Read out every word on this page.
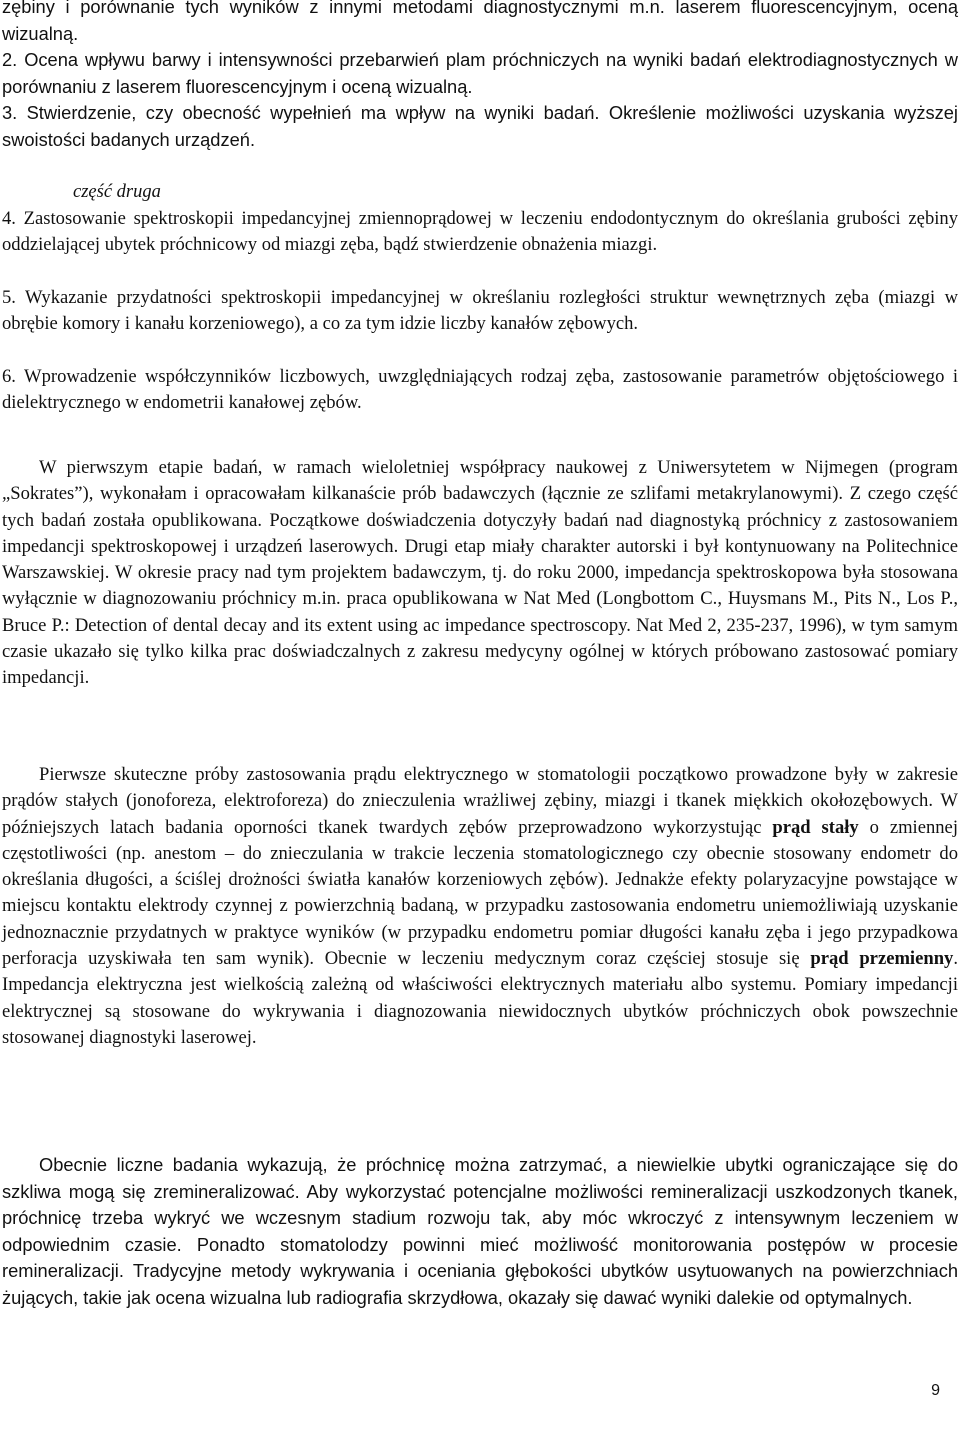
zębiny i porównanie tych wyników z innymi metodami diagnostycznymi m.n. laserem fluorescencyjnym, oceną wizualną.

2. Ocena wpływu barwy i intensywności przebarwień plam próchniczych na wyniki badań elektrodiagnostycznych w porównaniu z laserem fluorescencyjnym i oceną wizualną.

3. Stwierdzenie, czy obecność wypełnień ma wpływ na wyniki badań. Określenie możliwości uzyskania wyższej swoistości badanych urządzeń.

część druga

4. Zastosowanie spektroskopii impedancyjnej zmiennoprądowej w leczeniu endodontycznym do określania grubości zębiny oddzielającej ubytek próchnicowy od miazgi zęba, bądź stwierdzenie obnażenia miazgi.

5. Wykazanie przydatności spektroskopii impedancyjnej w określaniu rozległości struktur wewnętrznych zęba (miazgi w obrębie komory i kanału korzeniowego), a co za tym idzie liczby kanałów zębowych.

6. Wprowadzenie współczynników liczbowych, uwzględniających rodzaj zęba, zastosowanie parametrów objętościowego i dielektrycznego w endometrii kanałowej zębów.

W pierwszym etapie badań, w ramach wieloletniej współpracy naukowej z Uniwersytetem w Nijmegen (program „Sokrates”), wykonałam i opracowałam kilkanaście prób badawczych (łącznie ze szlifami metakrylanowymi). Z czego część tych badań została opublikowana. Początkowe doświadczenia dotyczyły badań nad diagnostyką próchnicy z zastosowaniem impedancji spektroskopowej i urządzeń laserowych. Drugi etap miały charakter autorski i był kontynuowany na Politechnice Warszawskiej. W okresie pracy nad tym projektem badawczym, tj. do roku 2000, impedancja spektroskopowa była stosowana wyłącznie w diagnozowaniu próchnicy m.in. praca opublikowana w Nat Med (Longbottom C., Huysmans M., Pits N., Los P., Bruce P.: Detection of dental decay and its extent using ac impedance spectroscopy. Nat Med 2, 235-237, 1996), w tym samym czasie ukazało się tylko kilka prac doświadczalnych z zakresu medycyny ogólnej w których próbowano zastosować pomiary impedancji.

Pierwsze skuteczne próby zastosowania prądu elektrycznego w stomatologii początkowo prowadzone były w zakresie prądów stałych (jonoforeza, elektroforeza) do znieczulenia wrażliwej zębiny, miazgi i tkanek miękkich okołozębowych. W późniejszych latach badania oporności tkanek twardych zębów przeprowadzono wykorzystując prąd stały o zmiennej częstotliwości (np. anestom – do znieczulania w trakcie leczenia stomatologicznego czy obecnie stosowany endometr do określania długości, a ściślej drożności światła kanałów korzeniowych zębów). Jednakże efekty polaryzacyjne powstające w miejscu kontaktu elektrody czynnej z powierzchnią badaną, w przypadku zastosowania endometru uniemożliwiają uzyskanie jednoznacznie przydatnych w praktyce wyników (w przypadku endometru pomiar długości kanału zęba i jego przypadkowa perforacja uzyskiwała ten sam wynik). Obecnie w leczeniu medycznym coraz częściej stosuje się prąd przemienny. Impedancja elektryczna jest wielkością zależną od właściwości elektrycznych materiału albo systemu. Pomiary impedancji elektrycznej są stosowane do wykrywania i diagnozowania niewidocznych ubytków próchniczych obok powszechnie stosowanej diagnostyki laserowej.

Obecnie liczne badania wykazują, że próchnicę można zatrzymać, a niewielkie ubytki ograniczające się do szkliwa mogą się zremineralizować. Aby wykorzystać potencjalne możliwości remineralizacji uszkodzonych tkanek, próchnicę trzeba wykryć we wczesnym stadium rozwoju tak, aby móc wkroczyć z intensywnym leczeniem w odpowiednim czasie. Ponadto stomatolodzy powinni mieć możliwość monitorowania postępów w procesie remineralizacji. Tradycyjne metody wykrywania i oceniania głębokości ubytków usytuowanych na powierzchniach żujących, takie jak ocena wizualna lub radiografia skrzydłowa, okazały się dawać wyniki dalekie od optymalnych.

9
